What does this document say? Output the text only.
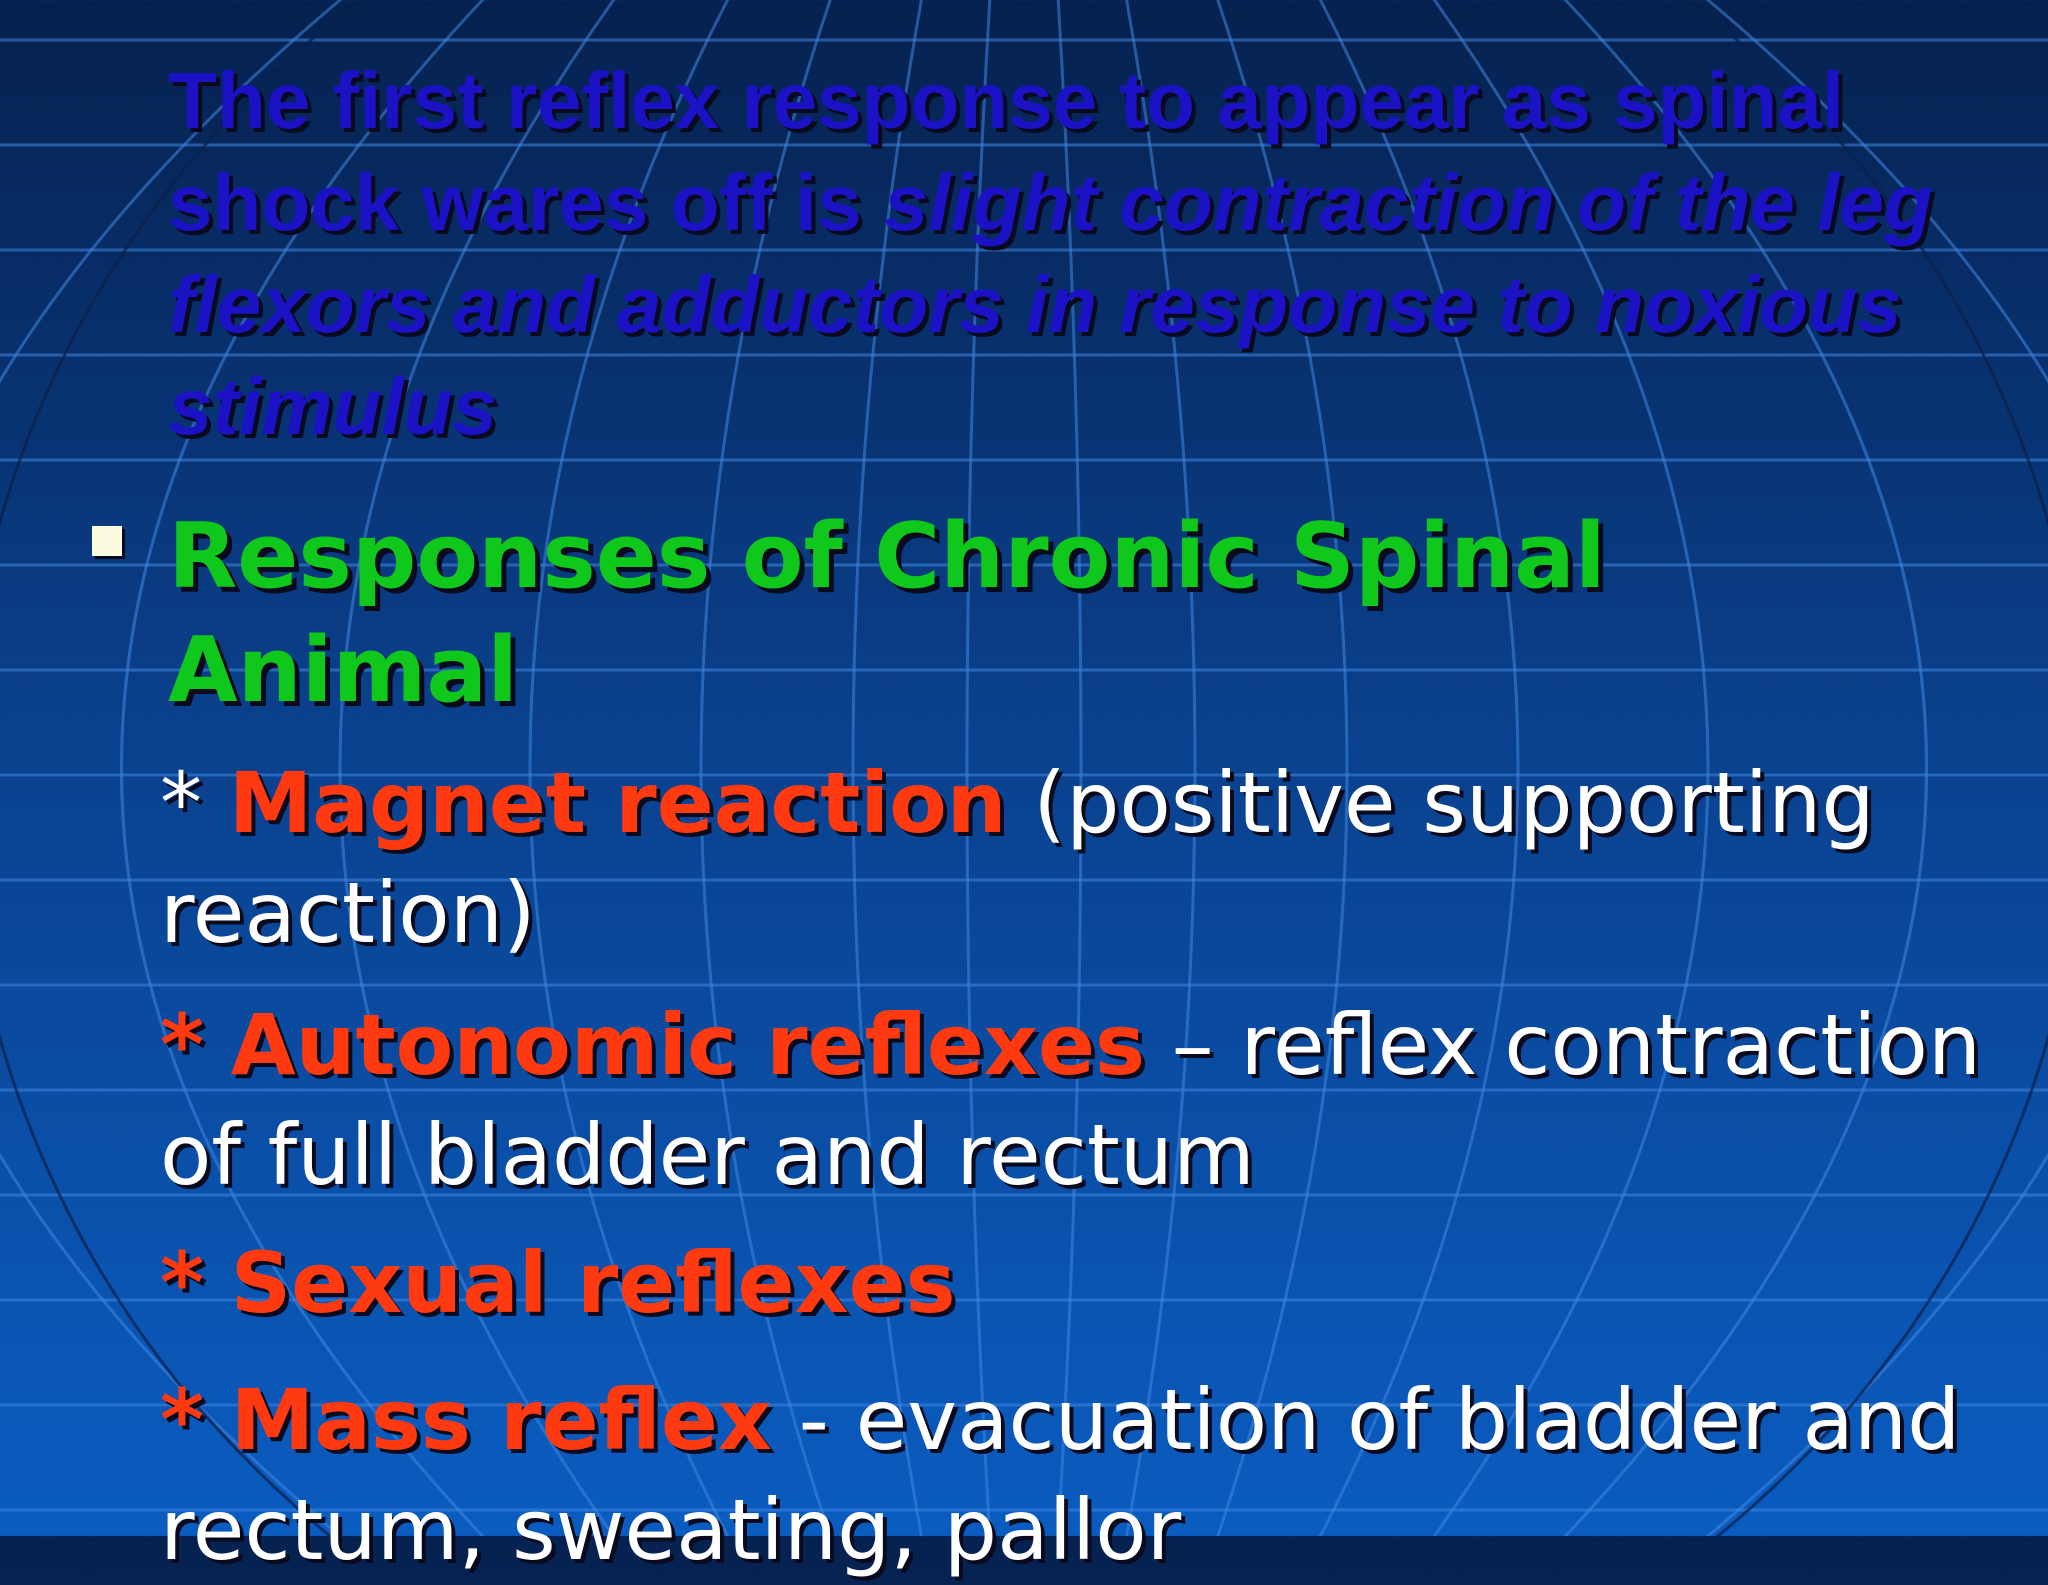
The first reflex response to appear as spinal shock wares off is slight contraction of the leg flexors and adductors in response to noxious stimulus
Responses of Chronic Spinal Animal
* Magnet reaction (positive supporting reaction)
* Autonomic reflexes – reflex contraction of full bladder and rectum
* Sexual reflexes
* Mass reflex - evacuation of bladder and rectum, sweating, pallor
